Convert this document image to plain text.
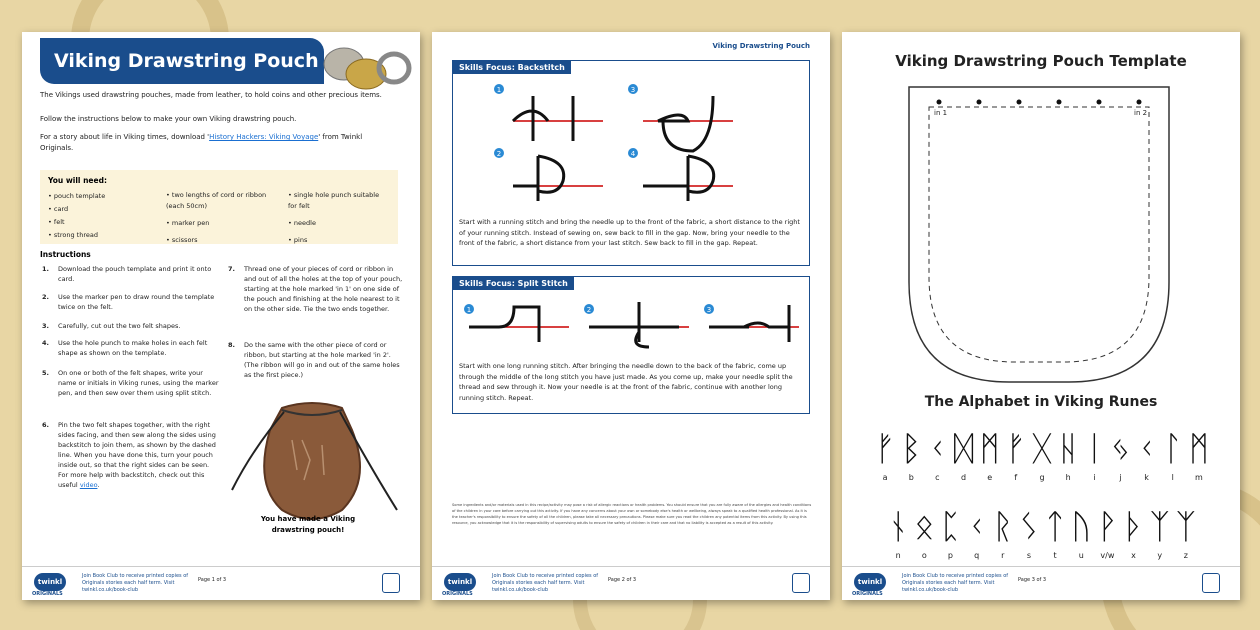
Viking Drawstring Pouch
The Vikings used drawstring pouches, made from leather, to hold coins and other precious items.
Follow the instructions below to make your own Viking drawstring pouch.
For a story about life in Viking times, download 'History Hackers: Viking Voyage' from Twinkl Originals.
You will need:
• pouch template
• card
• felt
• strong thread
• two lengths of cord or ribbon (each 50cm)
• marker pen
• scissors
• single hole punch suitable for felt
• needle
• pins
Instructions
1. Download the pouch template and print it onto card.
2. Use the marker pen to draw round the template twice on the felt.
3. Carefully, cut out the two felt shapes.
4. Use the hole punch to make holes in each felt shape as shown on the template.
5. On one or both of the felt shapes, write your name or initials in Viking runes, using the marker pen, and then sew over them using split stitch.
6. Pin the two felt shapes together, with the right sides facing, and then sew along the sides using backstitch to join them, as shown by the dashed line. When you have done this, turn your pouch inside out, so that the right sides can be seen. For more help with backstitch, check out this useful video.
7. Thread one of your pieces of cord or ribbon in and out of all the holes at the top of your pouch, starting at the hole marked 'in 1' on one side of the pouch and finishing at the hole nearest to it on the other side. Tie the two ends together.
8. Do the same with the other piece of cord or ribbon, but starting at the hole marked 'in 2'. (The ribbon will go in and out of the same holes as the first piece.)
You have made a Viking drawstring pouch!
twinkl
ORIGINALS
Join Book Club to receive printed copies of Originals stories each half term. Visit twinkl.co.uk/book-club
Page 1 of 3
Viking Drawstring Pouch
Skills Focus: Backstitch
1	3
2	4
Start with a running stitch and bring the needle up to the front of the fabric, a short distance to the right of your running stitch. Instead of sewing on, sew back to fill in the gap. Now, bring your needle to the front of the fabric, a short distance from your last stitch. Sew back to fill in the gap. Repeat.
Skills Focus: Split Stitch
1	2	3
Start with one long running stitch. After bringing the needle down to the back of the fabric, come up through the middle of the long stitch you have just made. As you come up, make your needle split the thread and sew through it. Now your needle is at the front of the fabric, continue with another long running stitch. Repeat.
Some ingredients and/or materials used in this recipe/activity may pose a risk of allergic reactions or health problems. You should ensure that you are fully aware of the allergies and health conditions of the children in your care before carrying out this activity. If you have any concerns about your own or somebody else's health or wellbeing, always speak to a qualified health professional. As it is the teacher's responsibility to ensure the safety of all the children, please take all necessary precautions. Please make sure you read the children any potential items from this activity. By using this resource, you acknowledge that it is the responsibility of supervising adults to ensure the safety of children in their care and that no liability is accepted as a result of this activity.
twinkl
ORIGINALS
Join Book Club to receive printed copies of Originals stories each half term. Visit twinkl.co.uk/book-club
Page 2 of 3
Viking Drawstring Pouch Template
in 1	in 2
The Alphabet in Viking Runes
ᚠ
a
ᛒ
b
ᚲ
c
ᛞ
d
ᛗ
e
ᚠ
f
ᚷ
g
ᚺ
h
ᛁ
i
ᛃ
j
ᚲ
k
ᛚ
l
ᛗ
m
ᚾ
n
ᛟ
o
ᛈ
p
ᚲ
q
ᚱ
r
ᛊ
s
ᛏ
t
ᚢ
u
ᚹ
v/w
ᚦ
x
ᛉ
y
ᛉ
z
twinkl
ORIGINALS
Join Book Club to receive printed copies of Originals stories each half term. Visit twinkl.co.uk/book-club
Page 3 of 3
